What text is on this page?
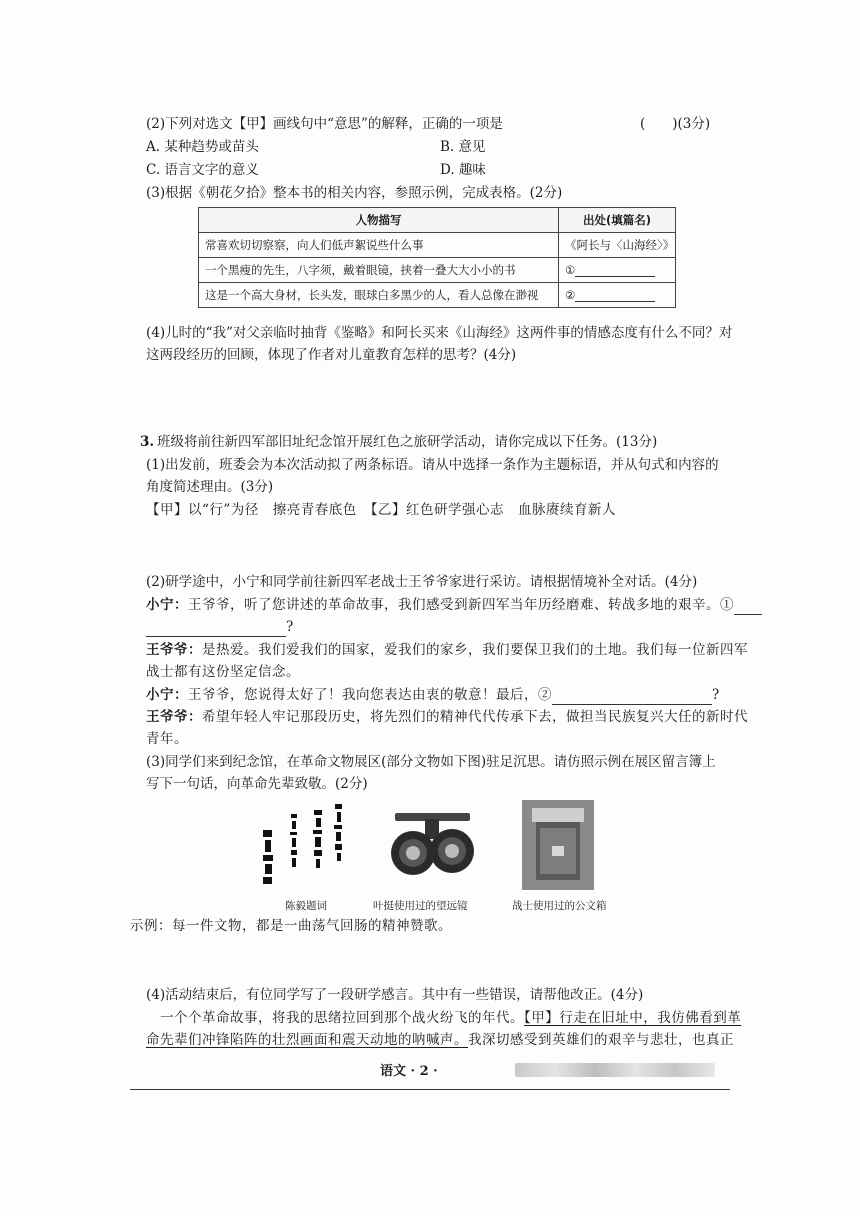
(2)下列对选文【甲】画线句中“意思”的解释，正确的一项是	(　　)(3分)
A. 某种趋势或苗头	B. 意见
C. 语言文字的意义	D. 趣味
(3)根据《朝花夕拾》整本书的相关内容，参照示例，完成表格。(2分)
人物描写	出处(填篇名)
常喜欢切切察察，向人们低声絮说些什么事	《阿长与〈山海经〉》
一个黑瘦的先生，八字须，戴着眼镜，挟着一叠大大小小的书	①
这是一个高大身材，长头发，眼球白多黑少的人，看人总像在渺视	②
(4)儿时的“我”对父亲临时抽背《鉴略》和阿长买来《山海经》这两件事的情感态度有什么不同？对
这两段经历的回顾，体现了作者对儿童教育怎样的思考？(4分)
3. 班级将前往新四军部旧址纪念馆开展红色之旅研学活动，请你完成以下任务。(13分)
(1)出发前，班委会为本次活动拟了两条标语。请从中选择一条作为主题标语，并从句式和内容的
角度简述理由。(3分)
【甲】以“行”为径　擦亮青春底色　【乙】红色研学强心志　血脉赓续育新人
(2)研学途中，小宁和同学前往新四军老战士王爷爷家进行采访。请根据情境补全对话。(4分)
小宁：王爷爷，听了您讲述的革命故事，我们感受到新四军当年历经磨难、转战多地的艰辛。①
?
王爷爷：是热爱。我们爱我们的国家，爱我们的家乡，我们要保卫我们的土地。我们每一位新四军
战士都有这份坚定信念。
小宁：王爷爷，您说得太好了！我向您表达由衷的敬意！最后，②	?
王爷爷：希望年轻人牢记那段历史，将先烈们的精神代代传承下去，做担当民族复兴大任的新时代
青年。
(3)同学们来到纪念馆，在革命文物展区(部分文物如下图)驻足沉思。请仿照示例在展区留言簿上
写下一句话，向革命先辈致敬。(2分)
陈毅题词	叶挺使用过的望远镜	战士使用过的公文箱
示例：每一件文物，都是一曲荡气回肠的精神赞歌。
(4)活动结束后，有位同学写了一段研学感言。其中有一些错误，请帮他改正。(4分)
一个个革命故事，将我的思绪拉回到那个战火纷飞的年代。【甲】行走在旧址中，我仿佛看到革
命先辈们冲锋陷阵的壮烈画面和震天动地的呐喊声。我深切感受到英雄们的艰辛与悲壮，也真正
语文 · 2 ·
